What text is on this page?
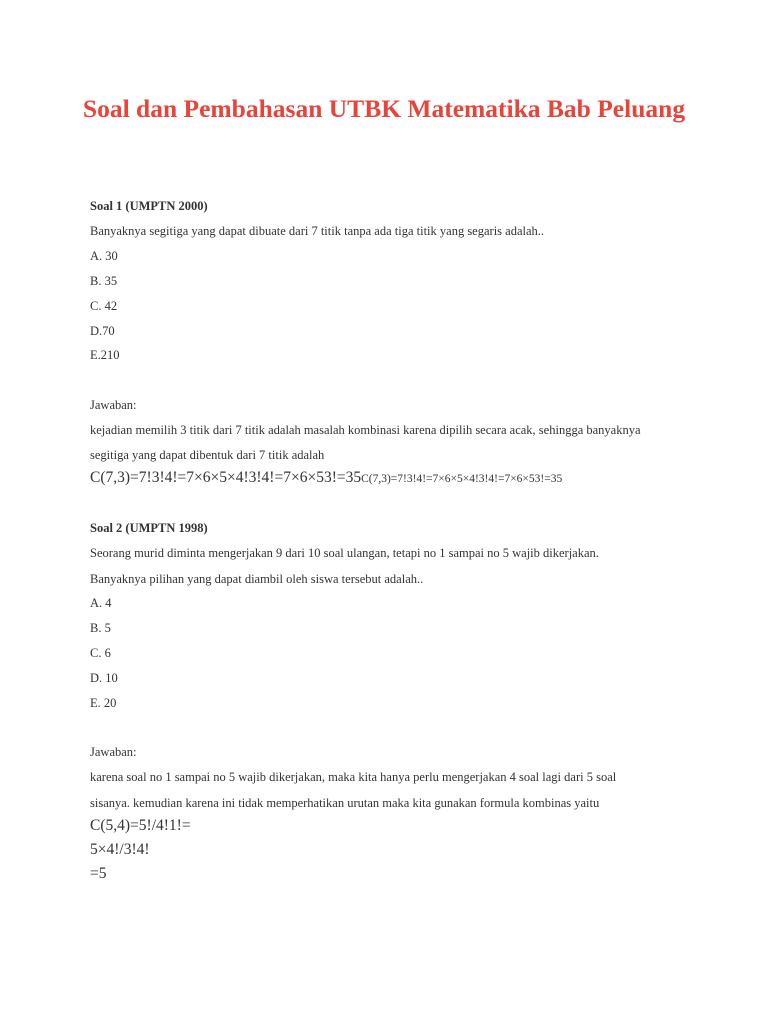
Soal dan Pembahasan UTBK Matematika Bab Peluang
Soal 1 (UMPTN 2000)
Banyaknya segitiga yang dapat dibuate dari 7 titik tanpa ada tiga titik yang segaris adalah..
A. 30
B. 35
C. 42
D.70
E.210
Jawaban:
kejadian memilih 3 titik dari 7 titik adalah masalah kombinasi karena dipilih secara acak, sehingga banyaknya
segitiga yang dapat dibentuk dari 7 titik adalah
C(7,3)=7!3!4!=7×6×5×4!3!4!=7×6×53!=35C(7,3)=7!3!4!=7×6×5×4!3!4!=7×6×53!=35
Soal 2 (UMPTN 1998)
Seorang murid diminta mengerjakan 9 dari 10 soal ulangan, tetapi no 1 sampai no 5 wajib dikerjakan.
Banyaknya pilihan yang dapat diambil oleh siswa tersebut adalah..
A. 4
B. 5
C. 6
D. 10
E. 20
Jawaban:
karena soal no 1 sampai no 5 wajib dikerjakan, maka kita hanya perlu mengerjakan 4 soal lagi dari 5 soal
sisanya. kemudian karena ini tidak memperhatikan urutan maka kita gunakan formula kombinas yaitu
C(5,4)=5!/4!1!=
5×4!/3!4!
=5
